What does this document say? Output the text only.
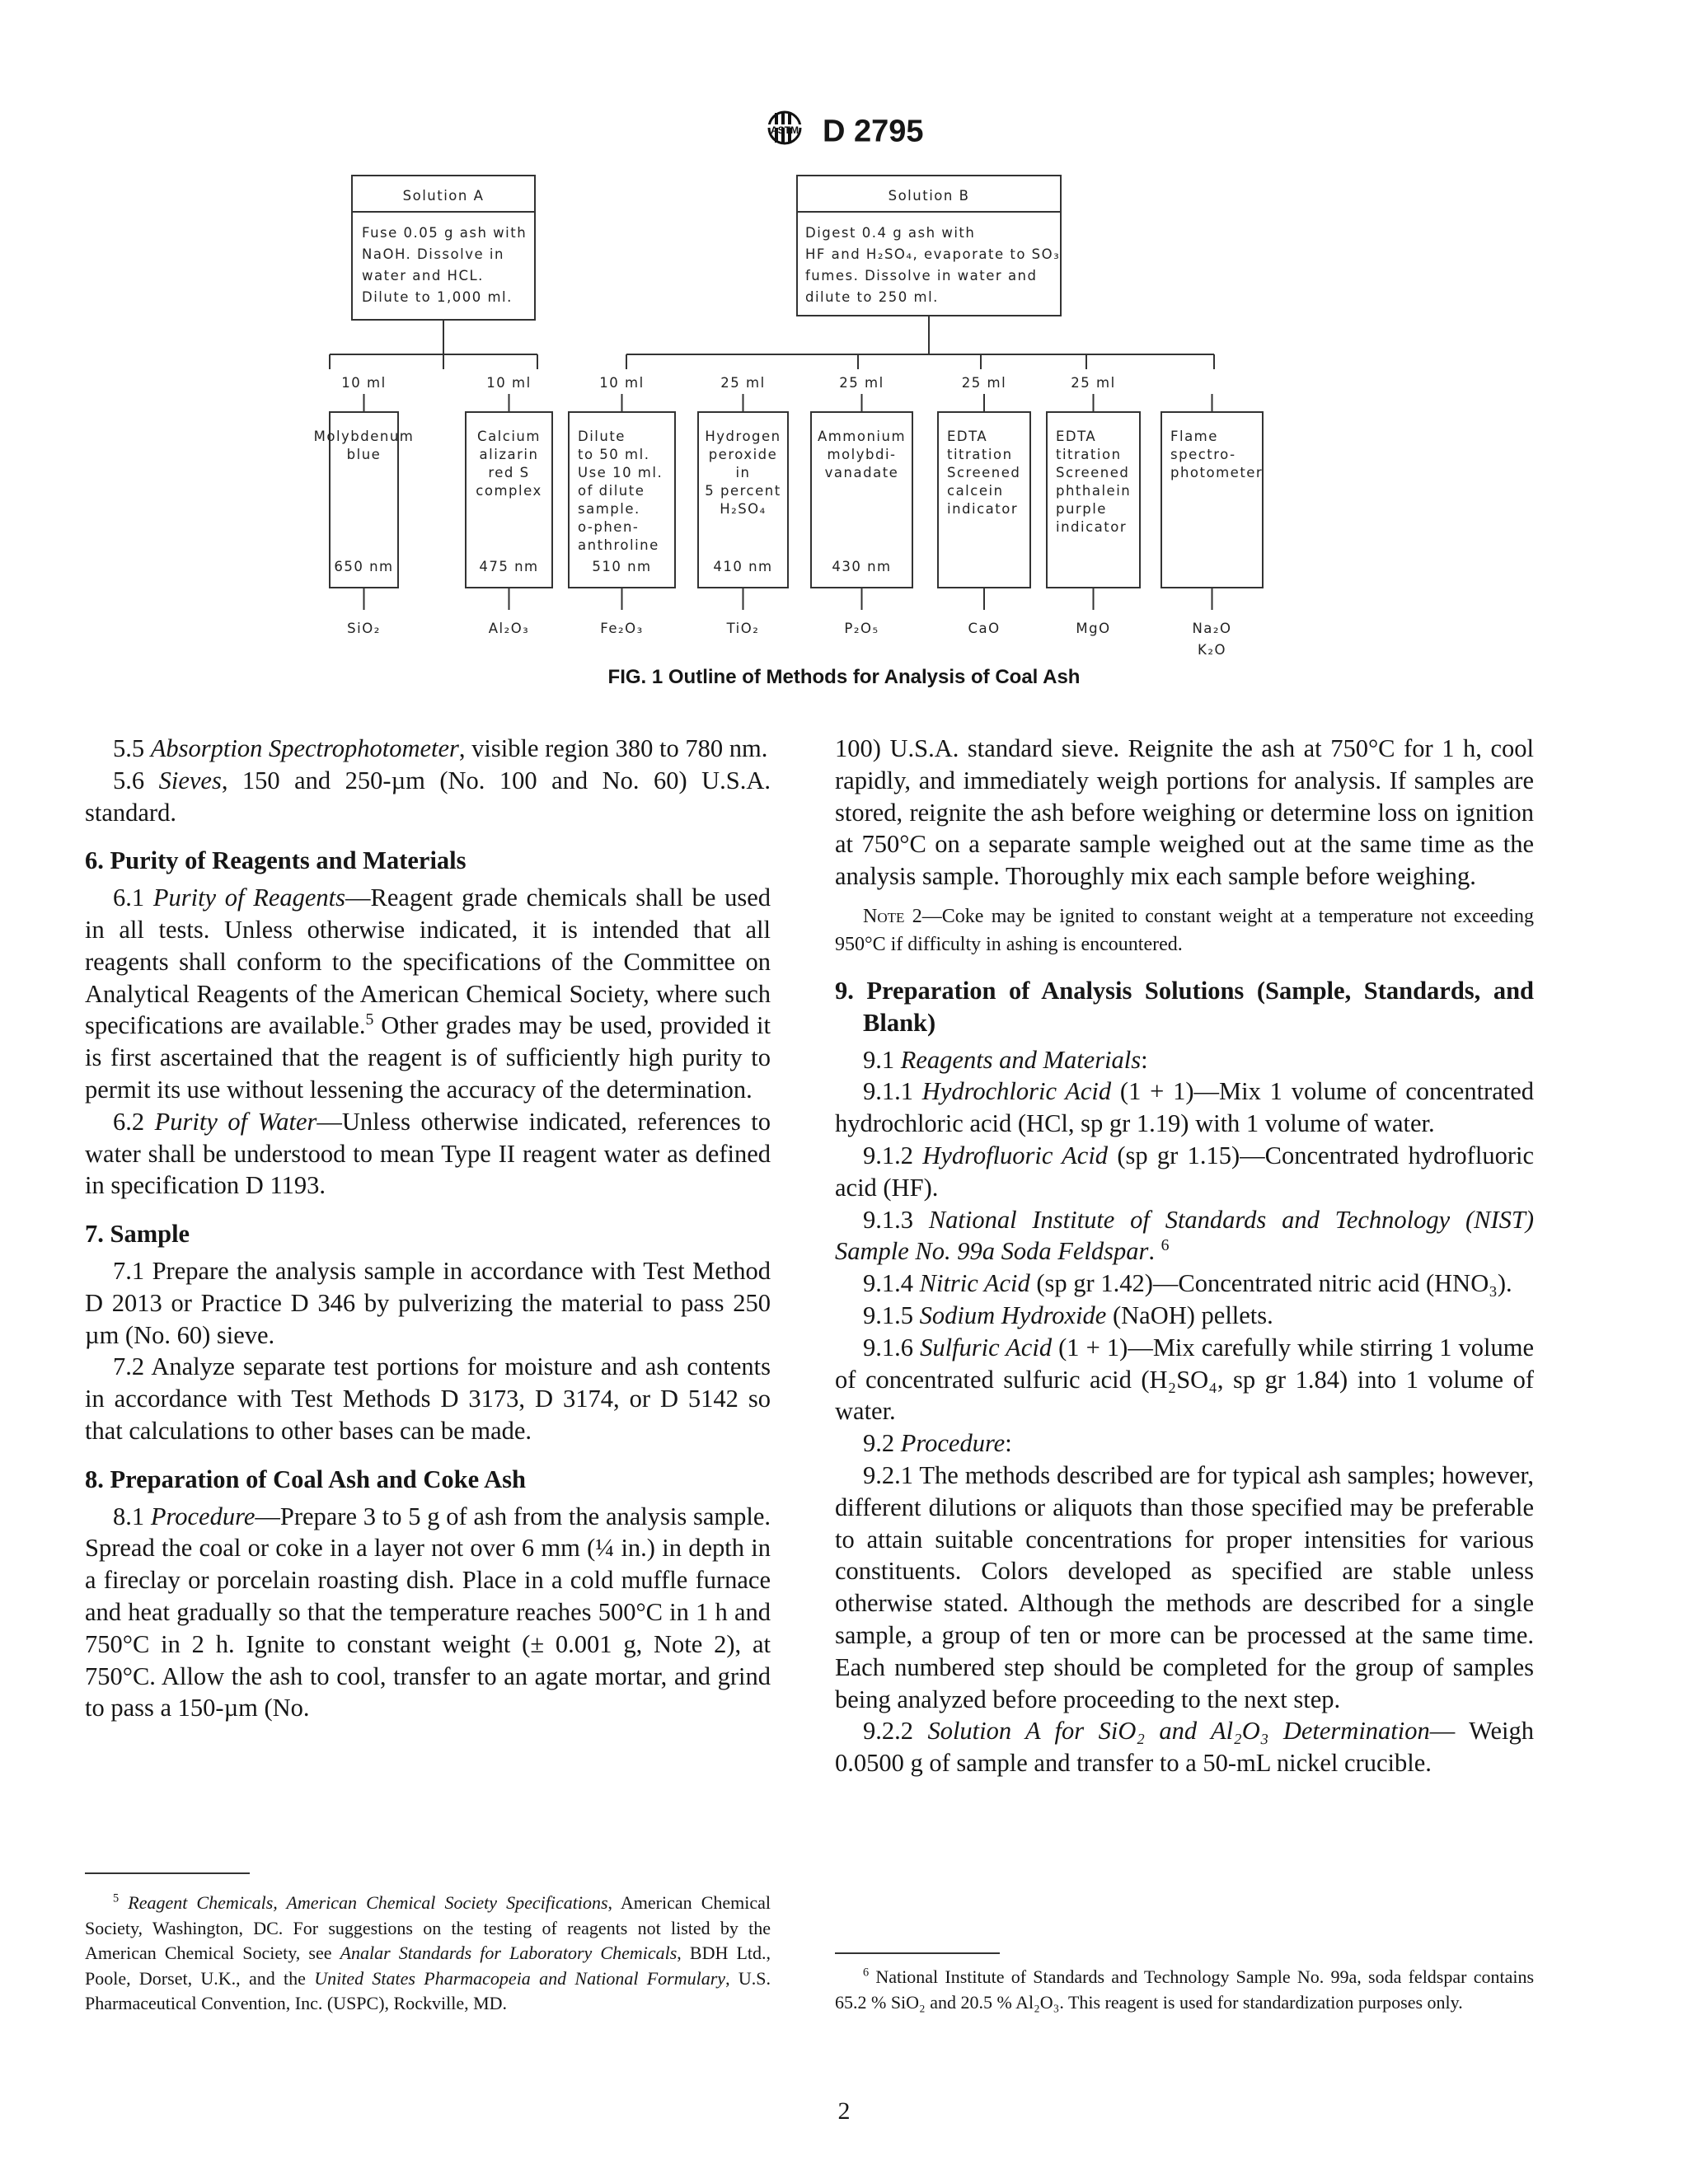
ASTM D 2795
Solution A	Solution B
Fuse 0.05 g ash with
NaOH. Dissolve in
water and HCL.
Dilute to 1,000 ml.
Digest 0.4 g ash with
HF and H₂SO₄, evaporate to SO₃
fumes. Dissolve in water and
dilute to 250 ml.
10 ml
Molybdenum
blue
650 nm
SiO₂
10 ml
Calcium
alizarin
red S
complex
475 nm
Al₂O₃
10 ml
Dilute
to 50 ml.
Use 10 ml.
of dilute
sample.
o-phen-
anthroline
510 nm
Fe₂O₃
25 ml
Hydrogen
peroxide
in
5 percent
H₂SO₄
410 nm
TiO₂
25 ml
Ammonium
molybdi-
vanadate
430 nm
P₂O₅
25 ml
EDTA
titration
Screened
calcein
indicator
CaO
25 ml
EDTA
titration
Screened
phthalein
purple
indicator
MgO
Flame
spectro-
photometer
Na₂O
K₂O
FIG. 1 Outline of Methods for Analysis of Coal Ash

5.5 Absorption Spectrophotometer, visible region 380 to 780 nm.

5.6 Sieves, 150 and 250-µm (No. 100 and No. 60) U.S.A. standard.

6. Purity of Reagents and Materials

6.1 Purity of Reagents—Reagent grade chemicals shall be used in all tests. Unless otherwise indicated, it is intended that all reagents shall conform to the specifications of the Committee on Analytical Reagents of the American Chemical Society, where such specifications are available.$^5$ Other grades may be used, provided it is first ascertained that the reagent is of sufficiently high purity to permit its use without lessening the accuracy of the determination.

6.2 Purity of Water—Unless otherwise indicated, references to water shall be understood to mean Type II reagent water as defined in specification D 1193.

7. Sample

7.1 Prepare the analysis sample in accordance with Test Method D 2013 or Practice D 346 by pulverizing the material to pass 250 µm (No. 60) sieve.

7.2 Analyze separate test portions for moisture and ash contents in accordance with Test Methods D 3173, D 3174, or D 5142 so that calculations to other bases can be made.

8. Preparation of Coal Ash and Coke Ash

8.1 Procedure—Prepare 3 to 5 g of ash from the analysis sample. Spread the coal or coke in a layer not over 6 mm (¼ in.) in depth in a fireclay or porcelain roasting dish. Place in a cold muffle furnace and heat gradually so that the temperature reaches 500°C in 1 h and 750°C in 2 h. Ignite to constant weight (± 0.001 g, Note 2), at 750°C. Allow the ash to cool, transfer to an agate mortar, and grind to pass a 150-µm (No.

$^5$ Reagent Chemicals, American Chemical Society Specifications, American Chemical Society, Washington, DC. For suggestions on the testing of reagents not listed by the American Chemical Society, see Analar Standards for Laboratory Chemicals, BDH Ltd., Poole, Dorset, U.K., and the United States Pharmacopeia and National Formulary, U.S. Pharmaceutical Convention, Inc. (USPC), Rockville, MD.

100) U.S.A. standard sieve. Reignite the ash at 750°C for 1 h, cool rapidly, and immediately weigh portions for analysis. If samples are stored, reignite the ash before weighing or determine loss on ignition at 750°C on a separate sample weighed out at the same time as the analysis sample. Thoroughly mix each sample before weighing.

Note 2—Coke may be ignited to constant weight at a temperature not exceeding 950°C if difficulty in ashing is encountered.

9. Preparation of Analysis Solutions (Sample, Standards, and Blank)

9.1 Reagents and Materials:

9.1.1 Hydrochloric Acid (1 + 1)—Mix 1 volume of concentrated hydrochloric acid (HCl, sp gr 1.19) with 1 volume of water.

9.1.2 Hydrofluoric Acid (sp gr 1.15)—Concentrated hydrofluoric acid (HF).

9.1.3 National Institute of Standards and Technology (NIST) Sample No. 99a Soda Feldspar. $^6$

9.1.4 Nitric Acid (sp gr 1.42)—Concentrated nitric acid (HNO₃).

9.1.5 Sodium Hydroxide (NaOH) pellets.

9.1.6 Sulfuric Acid (1 + 1)—Mix carefully while stirring 1 volume of concentrated sulfuric acid (H₂SO₄, sp gr 1.84) into 1 volume of water.

9.2 Procedure:

9.2.1 The methods described are for typical ash samples; however, different dilutions or aliquots than those specified may be preferable to attain suitable concentrations for proper intensities for various constituents. Colors developed as specified are stable unless otherwise stated. Although the methods are described for a single sample, a group of ten or more can be processed at the same time. Each numbered step should be completed for the group of samples being analyzed before proceeding to the next step.

9.2.2 Solution A for SiO₂ and Al₂O₃ Determination— Weigh 0.0500 g of sample and transfer to a 50-mL nickel crucible.

$^6$ National Institute of Standards and Technology Sample No. 99a, soda feldspar contains 65.2 % SiO₂ and 20.5 % Al₂O₃. This reagent is used for standardization purposes only.
2
